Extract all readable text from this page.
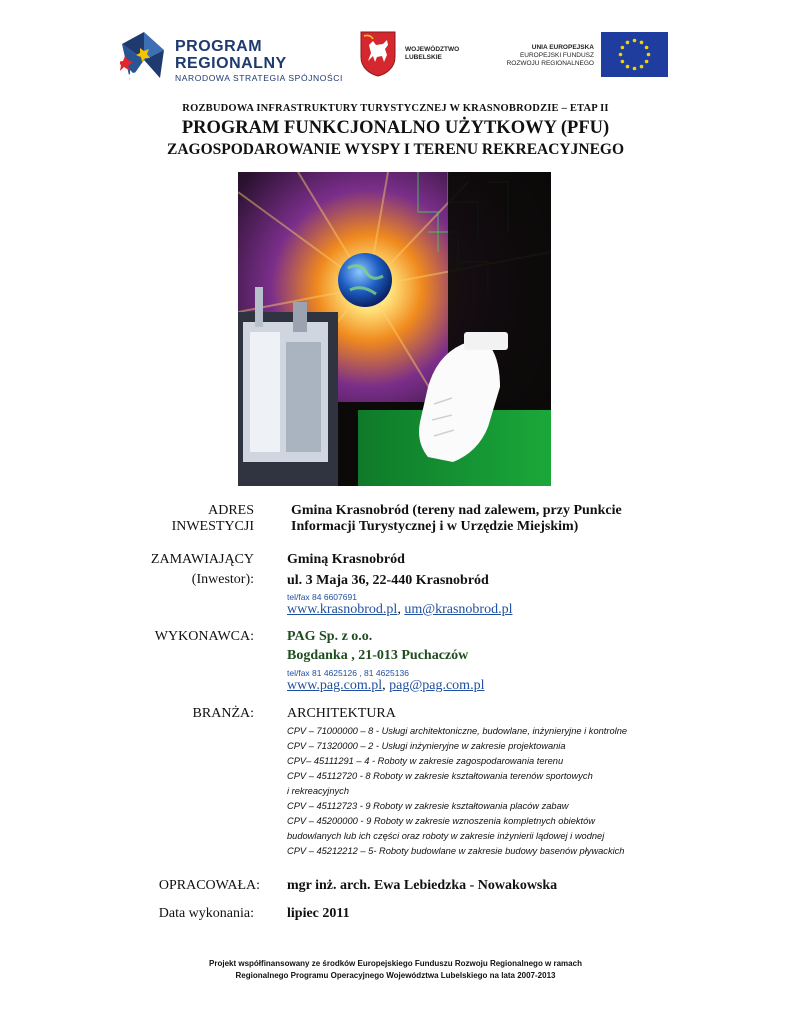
PROGRAM
REGIONALNY
NARODOWA STRATEGIA SPÓJNOŚCI
WOJEWÓDZTWO
LUBELSKIE
UNIA EUROPEJSKA
EUROPEJSKI FUNDUSZ
ROZWOJU REGIONALNEGO
ROZBUDOWA INFRASTRUKTURY TURYSTYCZNEJ W KRASNOBRODZIE – ETAP II
PROGRAM FUNKCJONALNO UŻYTKOWY (PFU)
ZAGOSPODAROWANIE WYSPY I TERENU REKREACYJNEGO
ADRES
INWESTYCJI
Gmina Krasnobród (tereny nad zalewem, przy Punkcie
Informacji Turystycznej i w Urzędzie Miejskim)
ZAMAWIAJĄCY
(Inwestor):
Gminą Krasnobród
ul. 3 Maja 36, 22-440 Krasnobród
tel/fax 84 6607691
www.krasnobrod.pl, um@krasnobrod.pl
WYKONAWCA: PAG Sp. z o.o.
Bogdanka , 21-013 Puchaczów
tel/fax 81 4625126 , 81 4625136
www.pag.com.pl, pag@pag.com.pl
BRANŻA: ARCHITEKTURA
CPV – 71000000 – 8 - Usługi architektoniczne, budowlane, inżynieryjne i kontrolne
CPV – 71320000 – 2 - Usługi inżynieryjne w zakresie projektowania
CPV– 45111291 – 4 - Roboty w zakresie zagospodarowania terenu
CPV – 45112720 - 8 Roboty w zakresie kształtowania terenów sportowych
i rekreacyjnych
CPV – 45112723 - 9 Roboty w zakresie kształtowania placów zabaw
CPV – 45200000 - 9 Roboty w zakresie wznoszenia kompletnych obiektów
budowlanych lub ich części oraz roboty w zakresie inżynierii lądowej i wodnej
CPV – 45212212 – 5- Roboty budowlane w zakresie budowy basenów pływackich
OPRACOWAŁA: mgr inż. arch. Ewa Lebiedzka - Nowakowska
Data wykonania: lipiec 2011
Projekt współfinansowany ze środków Europejskiego Funduszu Rozwoju Regionalnego w ramach
Regionalnego Programu Operacyjnego Województwa Lubelskiego na lata 2007-2013
